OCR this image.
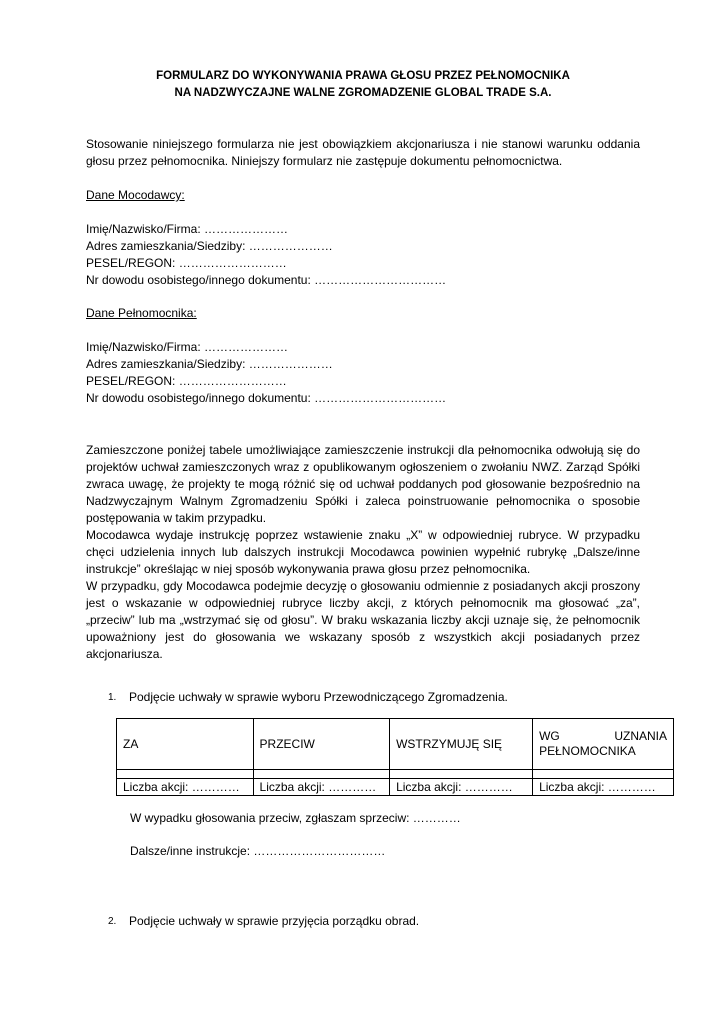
FORMULARZ DO WYKONYWANIA PRAWA GŁOSU PRZEZ PEŁNOMOCNIKA
NA NADZWYCZAJNE WALNE ZGROMADZENIE GLOBAL TRADE S.A.
Stosowanie niniejszego formularza nie jest obowiązkiem akcjonariusza i nie stanowi warunku oddania głosu przez pełnomocnika. Niniejszy formularz nie zastępuje dokumentu pełnomocnictwa.
Dane Mocodawcy:
Imię/Nazwisko/Firma: …………………
Adres zamieszkania/Siedziby: …………………
PESEL/REGON: ………………………
Nr dowodu osobistego/innego dokumentu: ……………………………
Dane Pełnomocnika:
Imię/Nazwisko/Firma: …………………
Adres zamieszkania/Siedziby: …………………
PESEL/REGON: ………………………
Nr dowodu osobistego/innego dokumentu: ……………………………
Zamieszczone poniżej tabele umożliwiające zamieszczenie instrukcji dla pełnomocnika odwołują się do projektów uchwał zamieszczonych wraz z opublikowanym ogłoszeniem o zwołaniu NWZ. Zarząd Spółki zwraca uwagę, że projekty te mogą różnić się od uchwał poddanych pod głosowanie bezpośrednio na Nadzwyczajnym Walnym Zgromadzeniu Spółki i zaleca poinstruowanie pełnomocnika o sposobie postępowania w takim przypadku.
Mocodawca wydaje instrukcję poprzez wstawienie znaku „X” w odpowiedniej rubryce. W przypadku chęci udzielenia innych lub dalszych instrukcji Mocodawca powinien wypełnić rubrykę „Dalsze/inne instrukcje” określając w niej sposób wykonywania prawa głosu przez pełnomocnika.
W przypadku, gdy Mocodawca podejmie decyzję o głosowaniu odmiennie z posiadanych akcji proszony jest o wskazanie w odpowiedniej rubryce liczby akcji, z których pełnomocnik ma głosować „za”, „przeciw” lub ma „wstrzymać się od głosu”. W braku wskazania liczby akcji uznaje się, że pełnomocnik upoważniony jest do głosowania we wskazany sposób z wszystkich akcji posiadanych przez akcjonariusza.
1. Podjęcie uchwały w sprawie wyboru Przewodniczącego Zgromadzenia.
ZA	PRZECIW	WSTRZYMUJĘ SIĘ	WG UZNANIA
PEŁNOMOCNIKA

Liczba akcji: …………	Liczba akcji: …………	Liczba akcji: …………	Liczba akcji: …………
W wypadku głosowania przeciw, zgłaszam sprzeciw: …………
Dalsze/inne instrukcje: ……………………………
2. Podjęcie uchwały w sprawie przyjęcia porządku obrad.
